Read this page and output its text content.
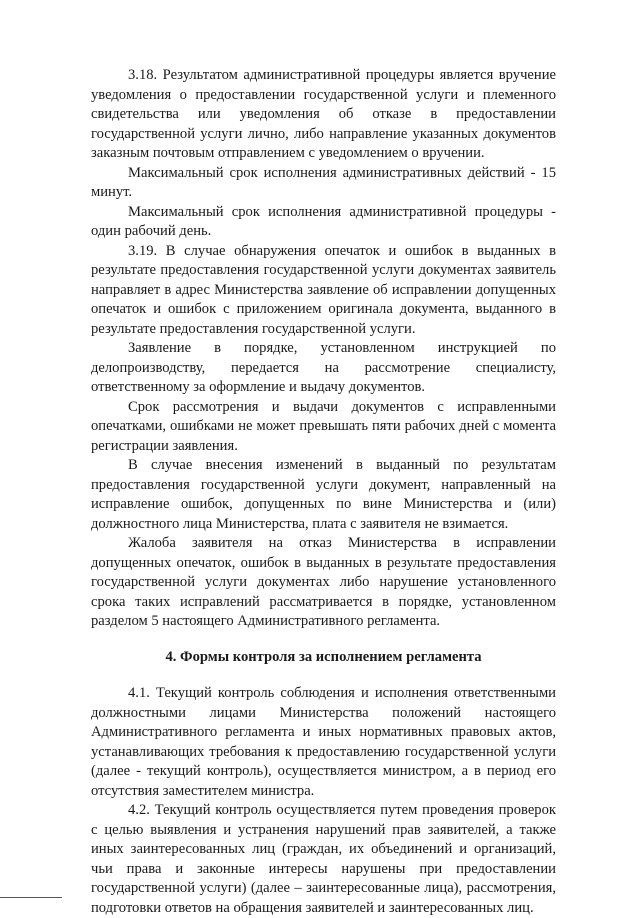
3.18. Результатом административной процедуры является вручение уведомления о предоставлении государственной услуги и племенного свидетельства или уведомления об отказе в предоставлении государственной услуги лично, либо направление указанных документов заказным почтовым отправлением с уведомлением о вручении.

Максимальный срок исполнения административных действий - 15 минут.

Максимальный срок исполнения административной процедуры - один рабочий день.

3.19. В случае обнаружения опечаток и ошибок в выданных в результате предоставления государственной услуги документах заявитель направляет в адрес Министерства заявление об исправлении допущенных опечаток и ошибок с приложением оригинала документа, выданного в результате предоставления государственной услуги.

Заявление в порядке, установленном инструкцией по делопроизводству, передается на рассмотрение специалисту, ответственному за оформление и выдачу документов.

Срок рассмотрения и выдачи документов с исправленными опечатками, ошибками не может превышать пяти рабочих дней с момента регистрации заявления.

В случае внесения изменений в выданный по результатам предоставления государственной услуги документ, направленный на исправление ошибок, допущенных по вине Министерства и (или) должностного лица Министерства, плата с заявителя не взимается.

Жалоба заявителя на отказ Министерства в исправлении допущенных опечаток, ошибок в выданных в результате предоставления государственной услуги документах либо нарушение установленного срока таких исправлений рассматривается в порядке, установленном разделом 5 настоящего Административного регламента.

4. Формы контроля за исполнением регламента

4.1. Текущий контроль соблюдения и исполнения ответственными должностными лицами Министерства положений настоящего Административного регламента и иных нормативных правовых актов, устанавливающих требования к предоставлению государственной услуги (далее - текущий контроль), осуществляется министром, а в период его отсутствия заместителем министра.

4.2. Текущий контроль осуществляется путем проведения проверок с целью выявления и устранения нарушений прав заявителей, а также иных заинтересованных лиц (граждан, их объединений и организаций, чьи права и законные интересы нарушены при предоставлении государственной услуги) (далее – заинтересованные лица), рассмотрения, подготовки ответов на обращения заявителей и заинтересованных лиц.
